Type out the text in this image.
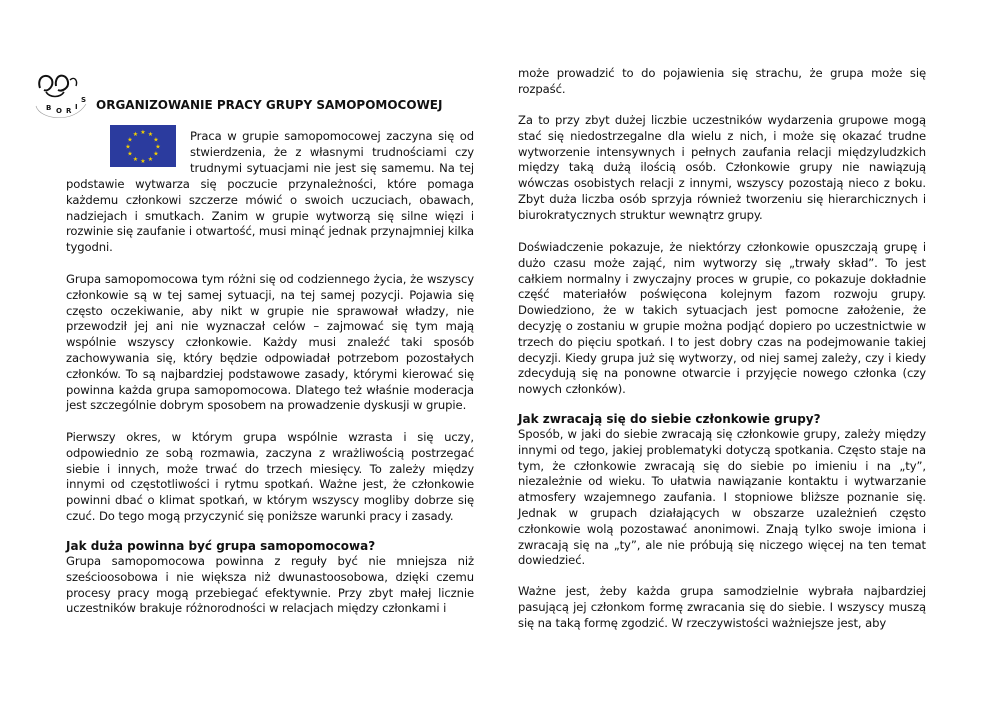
B O R I
S ORGANIZOWANIE PRACY GRUPY SAMOPOMOCOWEJ
★ ★
★
★
★
★
★
★
★
★
★
★	Praca w grupie samopomocowej zaczyna się od

stwierdzenia, że z własnymi trudnościami czy

trudnymi sytuacjami nie jest się samemu. Na tej

podstawie wytwarza się poczucie przynależności, które pomaga każdemu członkowi szczerze mówić o swoich uczuciach, obawach, nadziejach i smutkach. Zanim w grupie wytworzą się silne więzi i rozwinie się zaufanie i otwartość, musi minąć jednak przynajmniej kilka tygodni.

Grupa samopomocowa tym różni się od codziennego życia, że wszyscy członkowie są w tej samej sytuacji, na tej samej pozycji. Pojawia się często oczekiwanie, aby nikt w grupie nie sprawował władzy, nie przewodził jej ani nie wyznaczał celów – zajmować się tym mają wspólnie wszyscy członkowie. Każdy musi znaleźć taki sposób zachowywania się, który będzie odpowiadał potrzebom pozostałych członków. To są najbardziej podstawowe zasady, którymi kierować się powinna każda grupa samopomocowa. Dlatego też właśnie moderacja jest szczególnie dobrym sposobem na prowadzenie dyskusji w grupie.

Pierwszy okres, w którym grupa wspólnie wzrasta i się uczy, odpowiednio ze sobą rozmawia, zaczyna z wrażliwością postrzegać siebie i innych, może trwać do trzech miesięcy. To zależy między innymi od częstotliwości i rytmu spotkań. Ważne jest, że członkowie powinni dbać o klimat spotkań, w którym wszyscy mogliby dobrze się czuć. Do tego mogą przyczynić się poniższe warunki pracy i zasady.

Jak duża powinna być grupa samopomocowa?

Grupa samopomocowa powinna z reguły być nie mniejsza niż sześcioosobowa i nie większa niż dwunastoosobowa, dzięki czemu procesy pracy mogą przebiegać efektywnie. Przy zbyt małej licznie uczestników brakuje różnorodności w relacjach między członkami i

może prowadzić to do pojawienia się strachu, że grupa może się rozpaść.

Za to przy zbyt dużej liczbie uczestników wydarzenia grupowe mogą stać się niedostrzegalne dla wielu z nich, i może się okazać trudne wytworzenie intensywnych i pełnych zaufania relacji międzyludzkich między taką dużą ilością osób. Członkowie grupy nie nawiązują wówczas osobistych relacji z innymi, wszyscy pozostają nieco z boku. Zbyt duża liczba osób sprzyja również tworzeniu się hierarchicznych i biurokratycznych struktur wewnątrz grupy.

Doświadczenie pokazuje, że niektórzy członkowie opuszczają grupę i dużo czasu może zająć, nim wytworzy się „trwały skład”. To jest całkiem normalny i zwyczajny proces w grupie, co pokazuje dokładnie część materiałów poświęcona kolejnym fazom rozwoju grupy. Dowiedziono, że w takich sytuacjach jest pomocne założenie, że decyzję o zostaniu w grupie można podjąć dopiero po uczestnictwie w trzech do pięciu spotkań. I to jest dobry czas na podejmowanie takiej decyzji. Kiedy grupa już się wytworzy, od niej samej zależy, czy i kiedy zdecydują się na ponowne otwarcie i przyjęcie nowego członka (czy nowych członków).

Jak zwracają się do siebie członkowie grupy?

Sposób, w jaki do siebie zwracają się członkowie grupy, zależy między innymi od tego, jakiej problematyki dotyczą spotkania. Często staje na tym, że członkowie zwracają się do siebie po imieniu i na „ty”, niezależnie od wieku. To ułatwia nawiązanie kontaktu i wytwarzanie atmosfery wzajemnego zaufania. I stopniowe bliższe poznanie się. Jednak w grupach działających w obszarze uzależnień często członkowie wolą pozostawać anonimowi. Znają tylko swoje imiona i zwracają się na „ty”, ale nie próbują się niczego więcej na ten temat dowiedzieć.

Ważne jest, żeby każda grupa samodzielnie wybrała najbardziej pasującą jej członkom formę zwracania się do siebie. I wszyscy muszą się na taką formę zgodzić. W rzeczywistości ważniejsze jest, aby
